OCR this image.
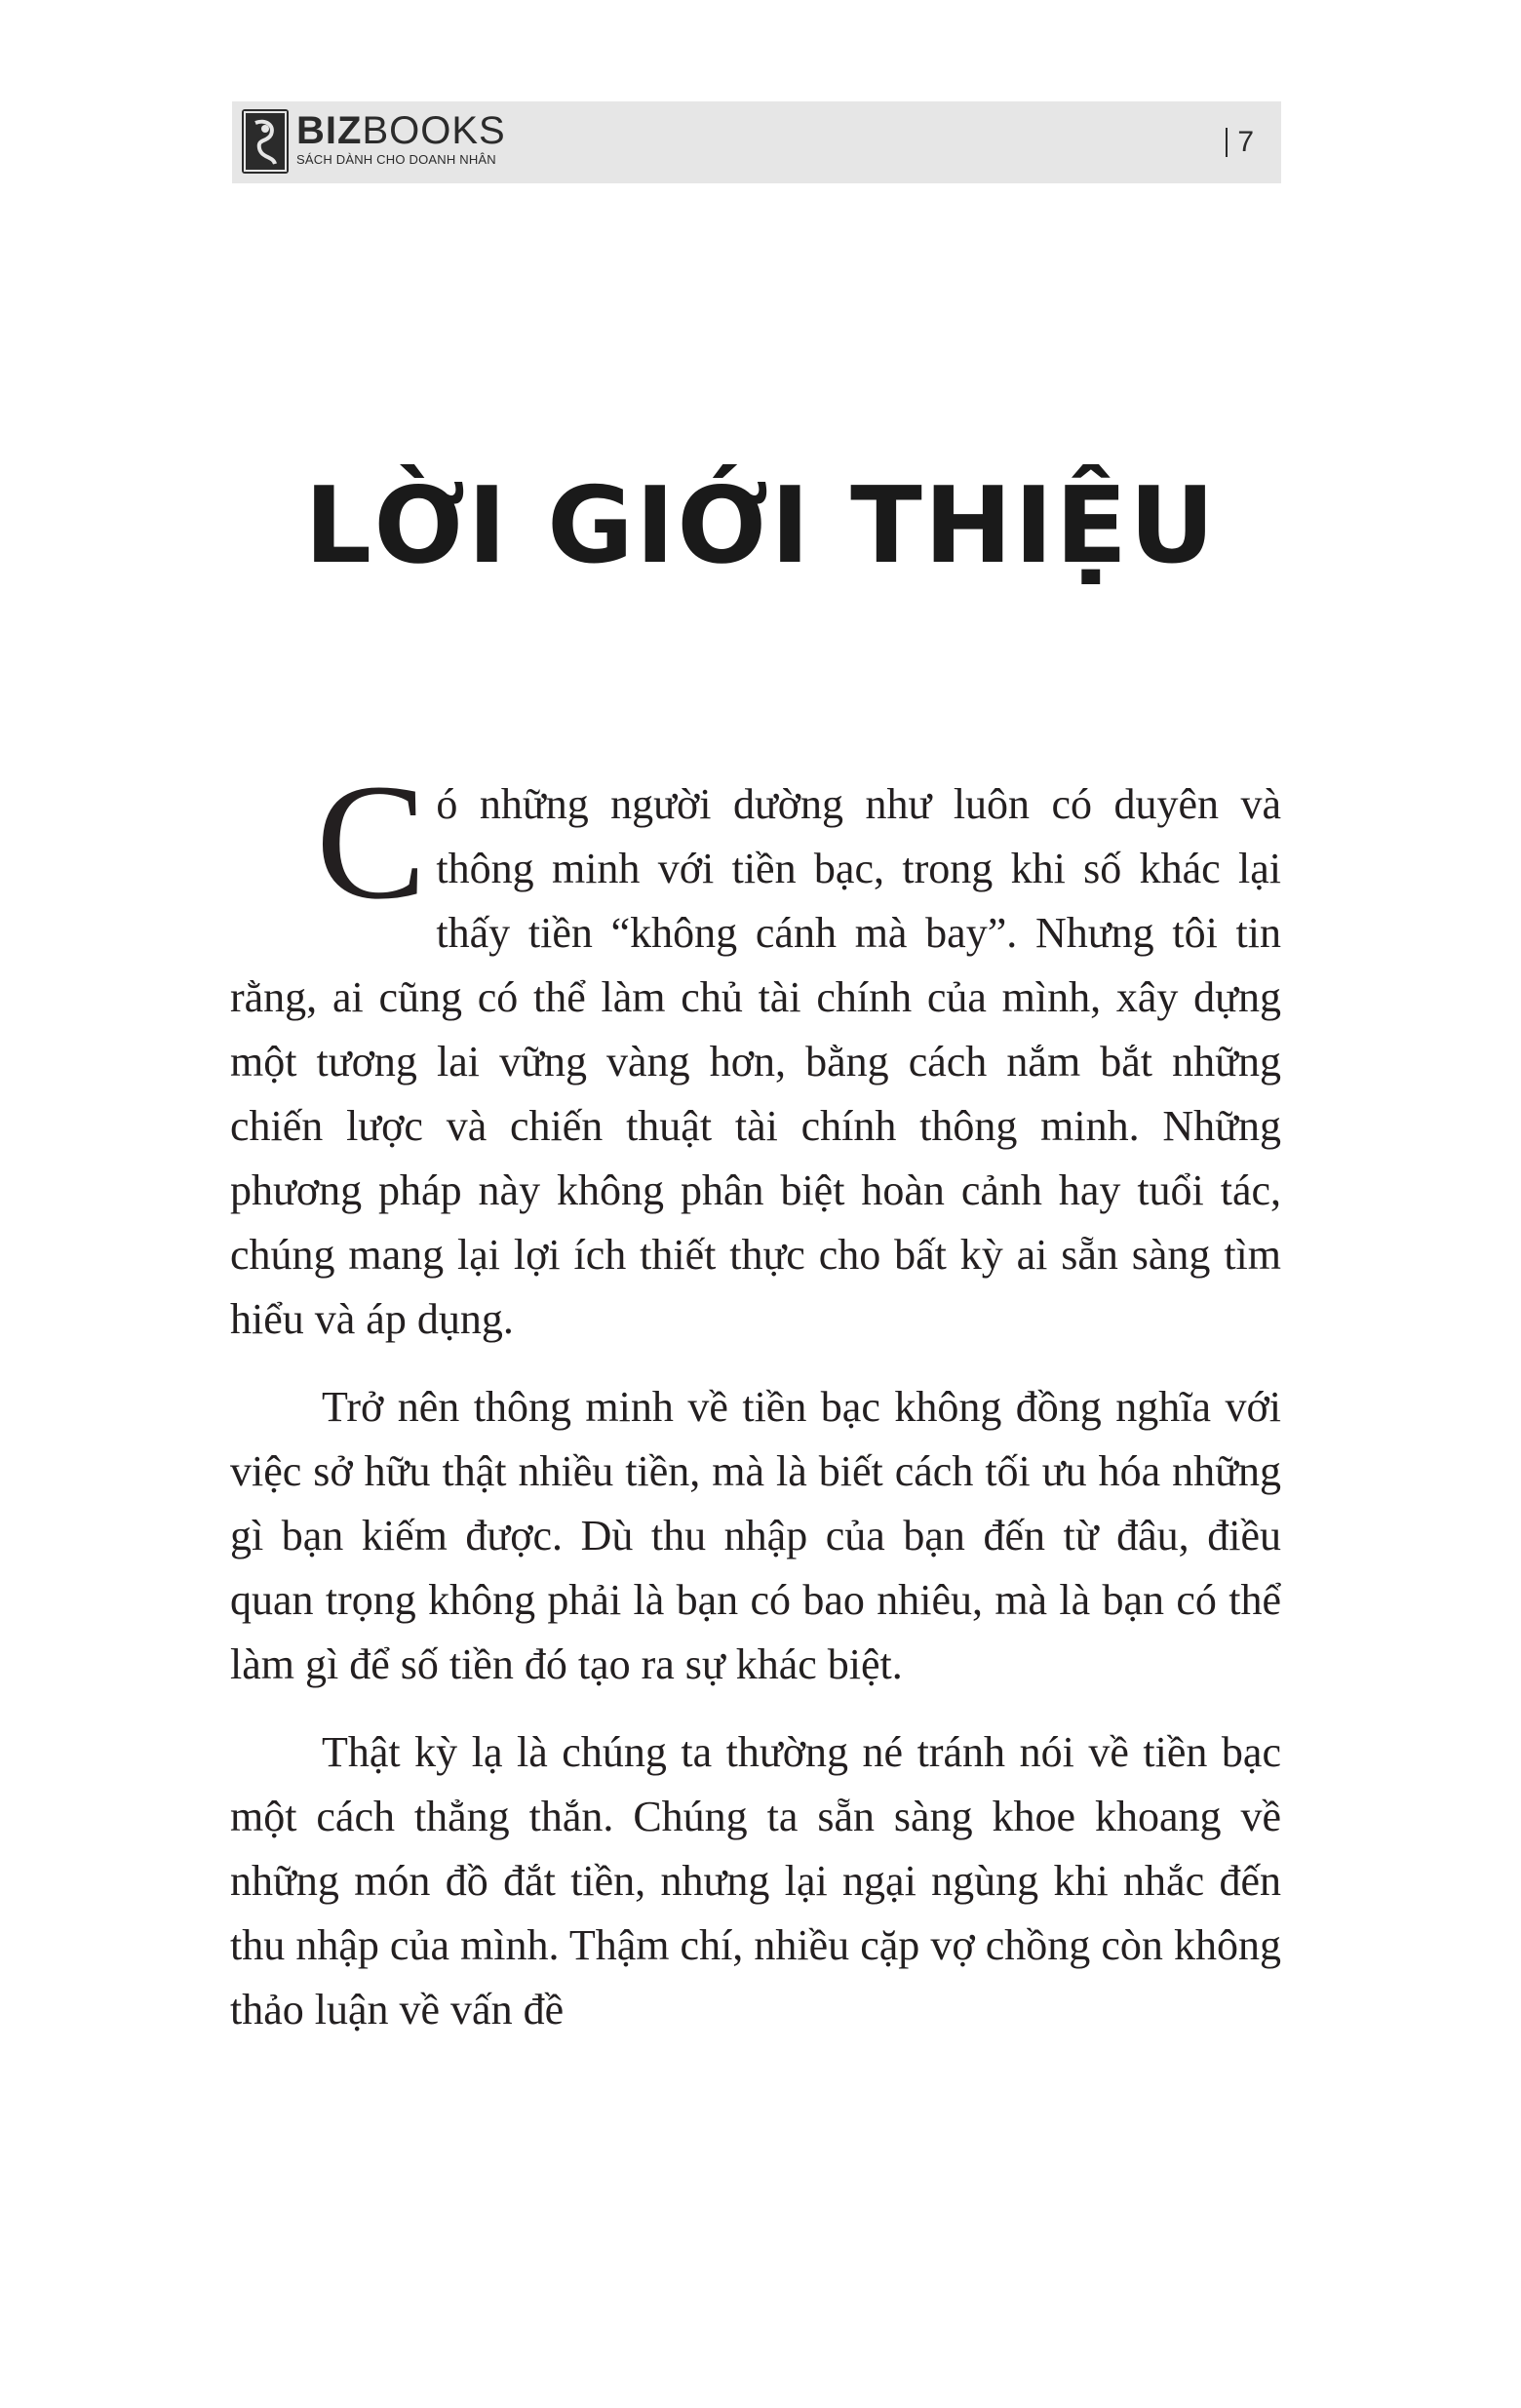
BIZBOOKS
SÁCH DÀNH CHO DOANH NHÂN
7
LỜI GIỚI THIỆU

C ó những người dường như luôn có duyên và thông minh với tiền bạc, trong khi số khác lại thấy tiền “không cánh mà bay”. Nhưng tôi tin rằng, ai cũng có thể làm chủ tài chính của mình, xây dựng một tương lai vững vàng hơn, bằng cách nắm bắt những chiến lược và chiến thuật tài chính thông minh. Những phương pháp này không phân biệt hoàn cảnh hay tuổi tác, chúng mang lại lợi ích thiết thực cho bất kỳ ai sẵn sàng tìm hiểu và áp dụng.

Trở nên thông minh về tiền bạc không đồng nghĩa với việc sở hữu thật nhiều tiền, mà là biết cách tối ưu hóa những gì bạn kiếm được. Dù thu nhập của bạn đến từ đâu, điều quan trọng không phải là bạn có bao nhiêu, mà là bạn có thể làm gì để số tiền đó tạo ra sự khác biệt.

Thật kỳ lạ là chúng ta thường né tránh nói về tiền bạc một cách thẳng thắn. Chúng ta sẵn sàng khoe khoang về những món đồ đắt tiền, nhưng lại ngại ngùng khi nhắc đến thu nhập của mình. Thậm chí, nhiều cặp vợ chồng còn không thảo luận về vấn đề
